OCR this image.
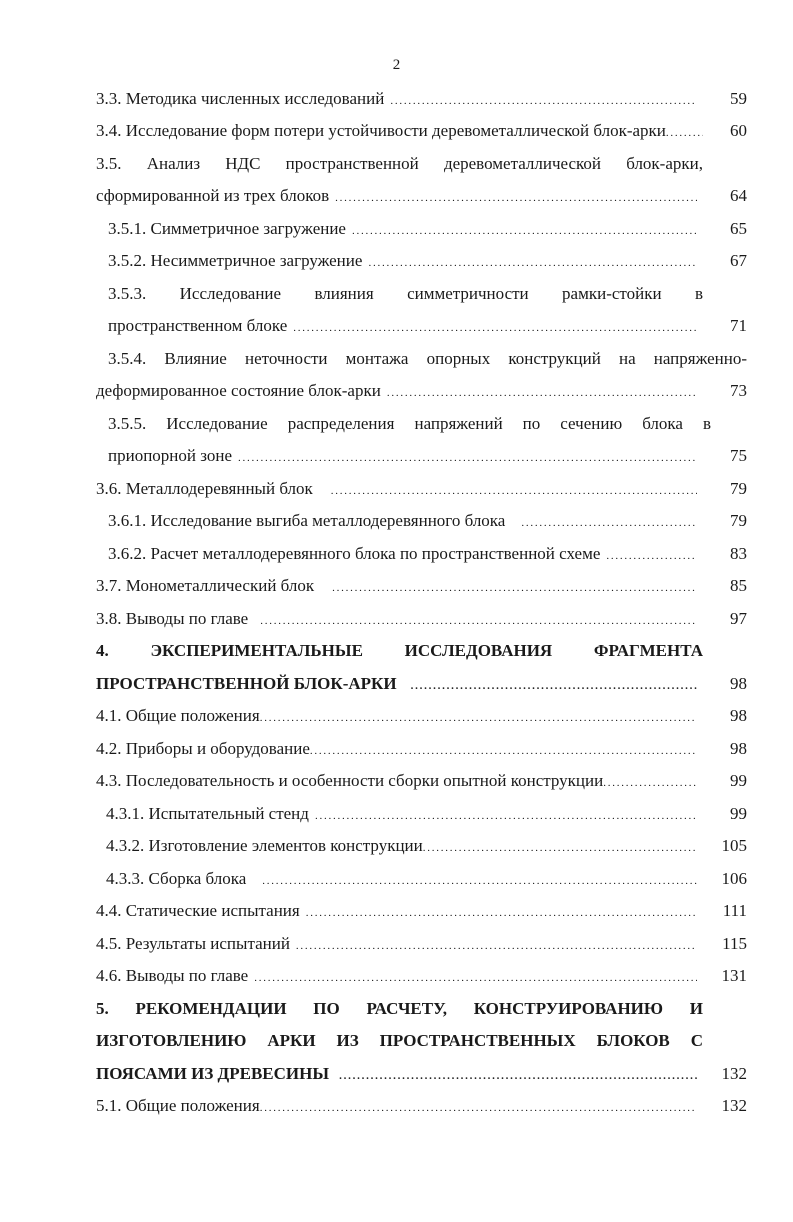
2
3.3. Методика численных исследований . . .	59
3.4. Исследование форм потери устойчивости деревометаллической блок-арки . . .	60
3.5. Анализ НДС пространственной деревометаллической блок-арки,
сформированной из трех блоков . . .	64
3.5.1. Симметричное загружение . . .	65
3.5.2. Несимметричное загружение . . .	67
3.5.3. Исследование влияния симметричности рамки-стойки в
пространственном блоке . . .	71
3.5.4. Влияние неточности монтажа опорных конструкций на напряженно-
деформированное состояние блок-арки . . .	73
3.5.5. Исследование распределения напряжений по сечению блока в
приопорной зоне . . .	75
3.6. Металлодеревянный блок . . .	79
3.6.1. Исследование выгиба металлодеревянного блока . . .	79
3.6.2. Расчет металлодеревянного блока по пространственной схеме . . .	83
3.7. Монометаллический блок . . .	85
3.8. Выводы по главе . . .	97
4. ЭКСПЕРИМЕНТАЛЬНЫЕ ИССЛЕДОВАНИЯ ФРАГМЕНТА
ПРОСТРАНСТВЕННОЙ БЛОК-АРКИ . . .	98
4.1. Общие положения . . .	98
4.2. Приборы и оборудование . . .	98
4.3. Последовательность и особенности сборки опытной конструкции . . .	99
4.3.1. Испытательный стенд . . .	99
4.3.2. Изготовление элементов конструкции . . .	105
4.3.3. Сборка блока . . .	106
4.4. Статические испытания . . .	111
4.5. Результаты испытаний . . .	115
4.6. Выводы по главе . . .	131
5. РЕКОМЕНДАЦИИ ПО РАСЧЕТУ, КОНСТРУИРОВАНИЮ И
ИЗГОТОВЛЕНИЮ АРКИ ИЗ ПРОСТРАНСТВЕННЫХ БЛОКОВ С
ПОЯСАМИ ИЗ ДРЕВЕСИНЫ . . .	132
5.1. Общие положения . . .	132
